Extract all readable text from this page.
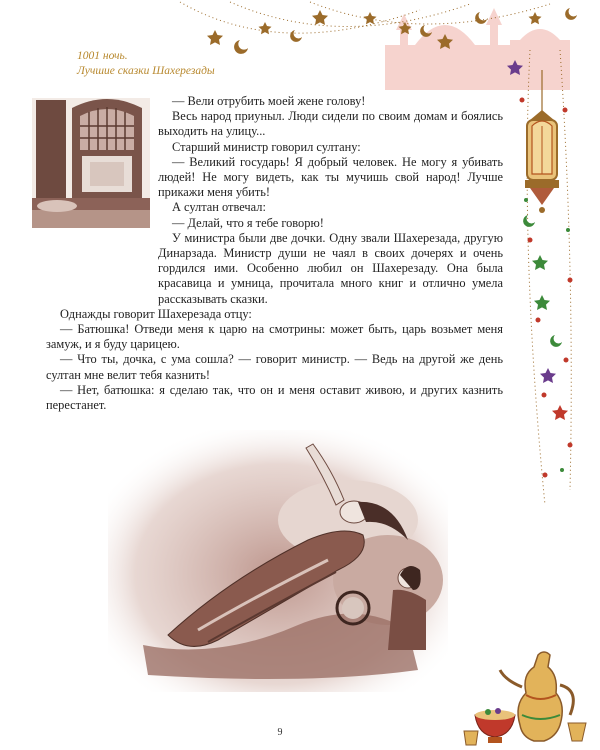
1001 ночь.
Лучшие сказки Шахерезады

— Вели отрубить моей жене голову!

Весь народ приуныл. Люди сидели по своим домам и боялись выходить на улицу...

Старший министр говорил султану:

— Великий государь! Я добрый человек. Не могу я убивать людей! Не могу видеть, как ты мучишь свой народ! Лучше прикажи меня убить!

А султан отвечал:

— Делай, что я тебе говорю!

У министра были две дочки. Одну звали Шахерезада, другую Динарзада. Министр души не чаял в своих дочерях и очень гордился ими. Особенно любил он Шахерезаду. Она была красавица и умница, прочитала много книг и отлично умела рассказывать сказки.

Однажды говорит Шахерезада отцу:

— Батюшка! Отведи меня к царю на смотрины: может быть, царь возьмет меня замуж, и я буду царицею.

— Что ты, дочка, с ума сошла? — говорит министр. — Ведь на другой же день султан мне велит тебя казнить!

— Нет, батюшка: я сделаю так, что он и меня оставит живою, и других казнить перестанет.

9
